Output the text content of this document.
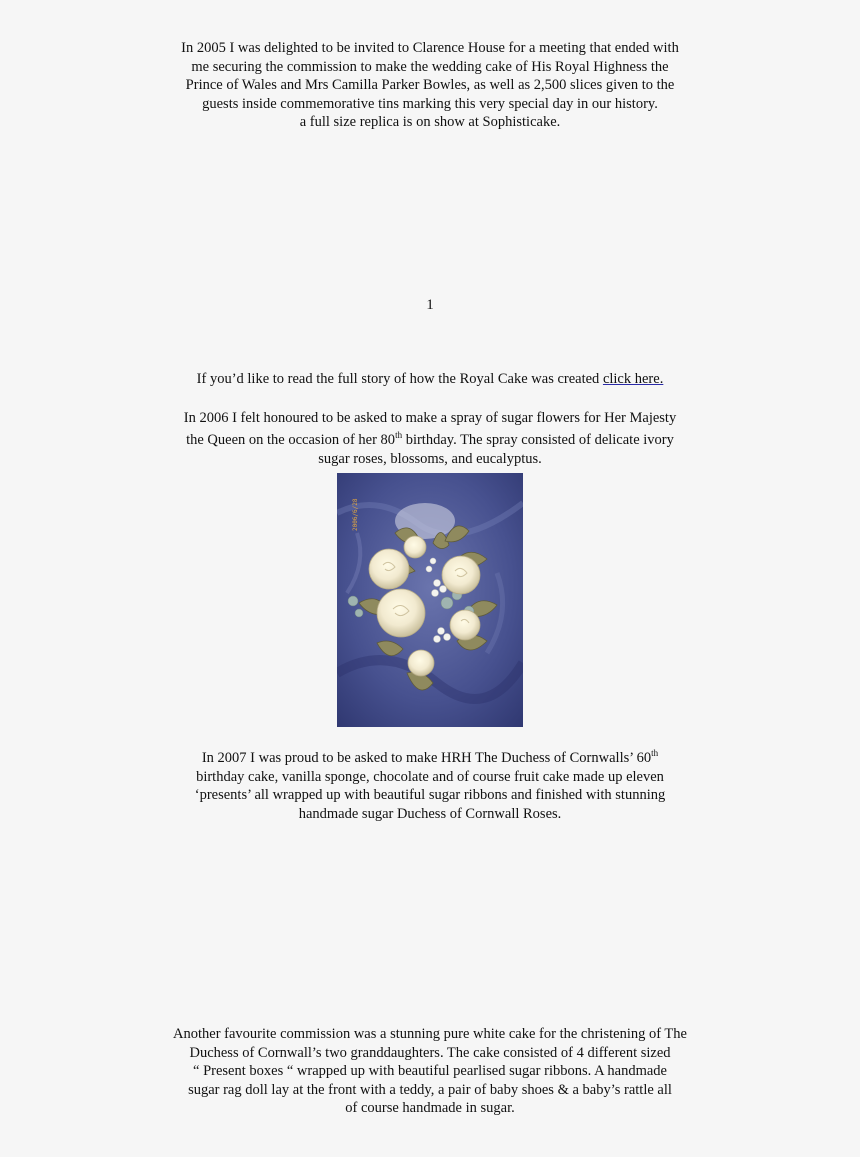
In 2005 I was delighted to be invited to Clarence House for a meeting that ended with
me securing the commission to make the wedding cake of His Royal Highness the
Prince of Wales and Mrs Camilla Parker Bowles, as well as 2,500 slices given to the
guests inside commemorative tins marking this very special day in our history.
a full size replica is on show at Sophisticake.
1
If you’d like to read the full story of how the Royal Cake was created click here.
In 2006 I felt honoured to be asked to make a spray of sugar flowers for Her Majesty
the Queen on the occasion of her 80th birthday. The spray consisted of delicate ivory
sugar roses, blossoms, and eucalyptus.
2006/6/28
In 2007 I was proud to be asked to make HRH The Duchess of Cornwalls’ 60th
birthday cake, vanilla sponge, chocolate and of course fruit cake made up eleven
‘presents’ all wrapped up with beautiful sugar ribbons and finished with stunning
handmade sugar Duchess of Cornwall Roses.
Another favourite commission was a stunning pure white cake for the christening of The
Duchess of Cornwall’s two granddaughters. The cake consisted of 4 different sized
“ Present boxes “ wrapped up with beautiful pearlised sugar ribbons. A handmade
sugar rag doll lay at the front with a teddy, a pair of baby shoes & a baby’s rattle all
of course handmade in sugar.
